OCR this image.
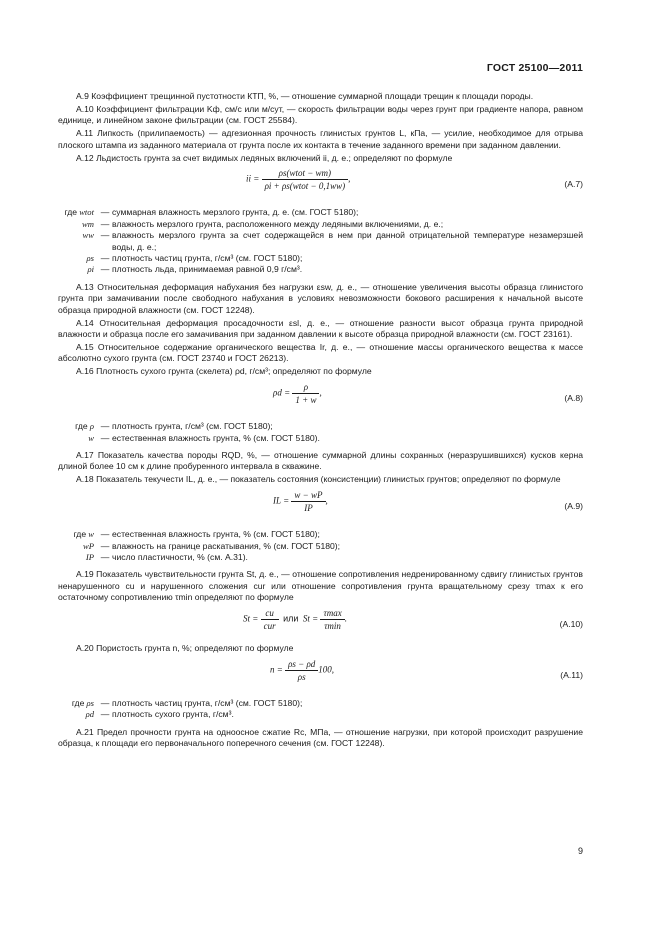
ГОСТ 25100—2011

А.9 Коэффициент трещинной пустотности КТП, %, — отношение суммарной площади трещин к площади породы.

А.10 Коэффициент фильтрации Kф, см/с или м/сут, — скорость фильтрации воды через грунт при градиенте напора, равном единице, и линейном законе фильтрации (см. ГОСТ 25584).

А.11 Липкость (прилипаемость) — адгезионная прочность глинистых грунтов L, кПа, — усилие, необходимое для отрыва плоского штампа из заданного материала от грунта после их контакта в течение заданного времени при заданном давлении.

А.12 Льдистость грунта за счет видимых ледяных включений ii, д. е.; определяют по формуле

ii = $\frac{\text{ρs(wtot − wm)}}{\text{ρi + ρs(wtot − 0,1ww)}}$ ,
(А.7)
где wtot — суммарная влажность мерзлого грунта, д. е. (см. ГОСТ 5180);
wm — влажность мерзлого грунта, расположенного между ледяными включениями, д. е.;
ww — влажность мерзлого грунта за счет содержащейся в нем при данной отрицательной температуре незамерзшей воды, д. е.;
ρs — плотность частиц грунта, г/см³ (см. ГОСТ 5180);
ρi — плотность льда, принимаемая равной 0,9 г/см³.

А.13 Относительная деформация набухания без нагрузки εsw, д. е., — отношение увеличения высоты образца глинистого грунта при замачивании после свободного набухания в условиях невозможности бокового расширения к начальной высоте образца природной влажности (см. ГОСТ 12248).

А.14 Относительная деформация просадочности εsl, д. е., — отношение разности высот образца грунта природной влажности и образца после его замачивания при заданном давлении к высоте образца природной влажности (см. ГОСТ 23161).

А.15 Относительное содержание органического вещества Ir, д. е., — отношение массы органического вещества к массе абсолютно сухого грунта (см. ГОСТ 23740 и ГОСТ 26213).

А.16 Плотность сухого грунта (скелета) ρd, г/см³; определяют по формуле

$\rho d = \frac{\rho}{1 + w}$ ,
(А.8)
где ρ — плотность грунта, г/см³ (см. ГОСТ 5180);
w — естественная влажность грунта, % (см. ГОСТ 5180).

А.17 Показатель качества породы RQD, %, — отношение суммарной длины сохранных (неразрушившихся) кусков керна длиной более 10 см к длине пробуренного интервала в скважине.

А.18 Показатель текучести IL, д. е., — показатель состояния (консистенции) глинистых грунтов; определяют по формуле

IL = $\frac{w - wP}{IP}$ ,
(А.9)
где w — естественная влажность грунта, % (см. ГОСТ 5180);
wP — влажность на границе раскатывания, % (см. ГОСТ 5180);
IP — число пластичности, % (см. А.31).

А.19 Показатель чувствительности грунта St, д. е., — отношение сопротивления недренированному сдвигу глинистых грунтов ненарушенного cu и нарушенного сложения cur или отношение сопротивления грунта вращательному срезу τmax к его остаточному сопротивлению τmin определяют по формуле

$St = \frac{cu}{\text{cur}}$ или $St = \frac{\tau\max}{\tau\min}$ .
(А.10)

А.20 Пористость грунта n, %; определяют по формуле

$n = \frac{\rho s - \rho d}{\rho s} 100$,
(А.11)
где ρs — плотность частиц грунта, г/см³ (см. ГОСТ 5180);
ρd — плотность сухого грунта, г/см³.

А.21 Предел прочности грунта на одноосное сжатие Rc, МПа, — отношение нагрузки, при которой происходит разрушение образца, к площади его первоначального поперечного сечения (см. ГОСТ 12248).

9
